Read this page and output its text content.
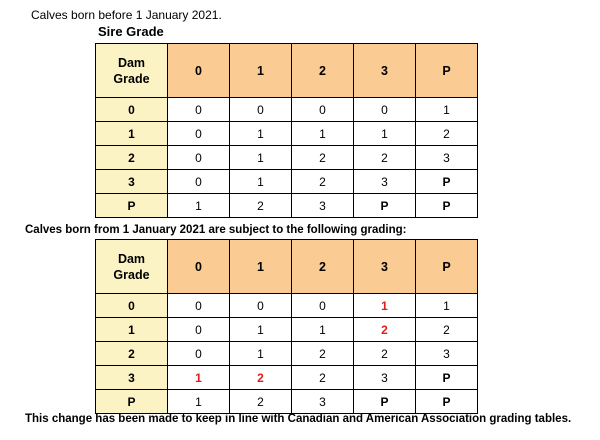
Calves born before 1 January 2021.
Sire Grade
Dam
Grade	0	1	2	3	P
0	0	0	0	0	1
1	0	1	1	1	2
2	0	1	2	2	3
3	0	1	2	3	P
P	1	2	3	P	P
Calves born from 1 January 2021 are subject to the following grading:
Dam
Grade	0	1	2	3	P
0	0	0	0	1	1
1	0	1	1	2	2
2	0	1	2	2	3
3	1	2	2	3	P
P	1	2	3	P	P
This change has been made to keep in line with Canadian and American Association grading tables.
